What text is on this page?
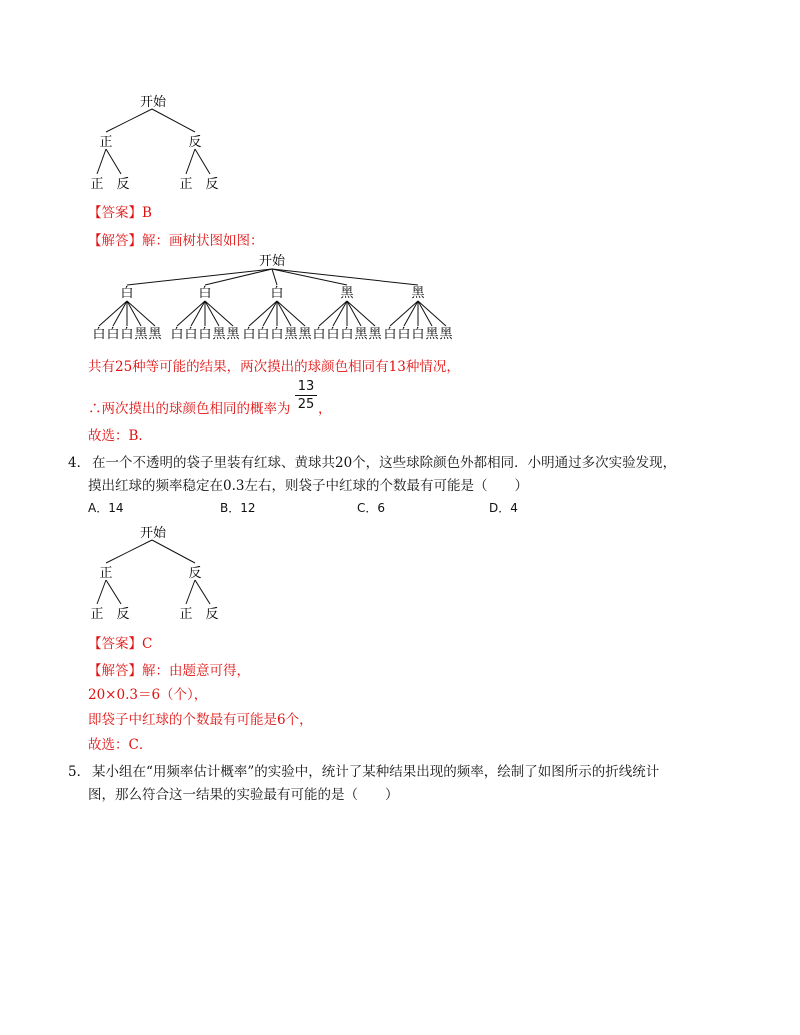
开始
正	反
正 反	正 反
【答案】B
【解答】解：画树状图如图：
开始
白
白 白 白 黑 黑
白
白 白 白 黑 黑
白
白 白 白 黑 黑
黑
白 白 白 黑 黑
黑
白 白 白 黑 黑
共有25种等可能的结果，两次摸出的球颜色相同有13种情况，
∴两次摸出的球颜色相同的概率为
13
25 ，
故选：B．
4． 在一个不透明的袋子里装有红球、黄球共20个，这些球除颜色外都相同．小明通过多次实验发现，
摸出红球的频率稳定在0.3左右，则袋子中红球的个数最有可能是（　　）
A．14	B．12	C．6	D．4
开始
正	反
正 反	正 反
【答案】C
【解答】解：由题意可得，
20×0.3＝6（个），
即袋子中红球的个数最有可能是6个，
故选：C．
5． 某小组在“用频率估计概率”的实验中，统计了某种结果出现的频率，绘制了如图所示的折线统计
图，那么符合这一结果的实验最有可能的是（　　）
